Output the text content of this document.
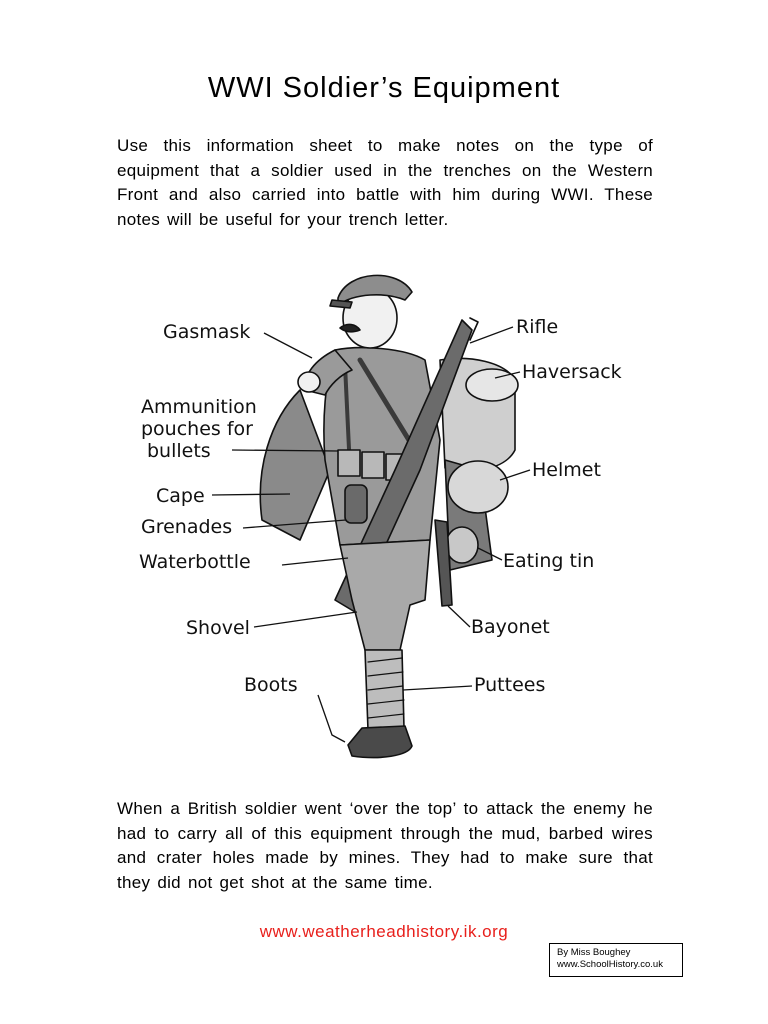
WWI Soldier’s Equipment

Use this information sheet to make notes on the type of equipment that a soldier used in the trenches on the Western Front and also carried into battle with him during WWI. These notes will be useful for your trench letter.

Gasmask
Ammunition
pouches for
bullets
Cape
Grenades
Waterbottle
Shovel
Boots
Rifle
Haversack
Helmet
Eating tin
Bayonet
Puttees

When a British soldier went ‘over the top’ to attack the enemy he had to carry all of this equipment through the mud, barbed wires and crater holes made by mines. They had to make sure that they did not get shot at the same time.

www.weatherheadhistory.ik.org
By Miss Boughey
www.SchoolHistory.co.uk
